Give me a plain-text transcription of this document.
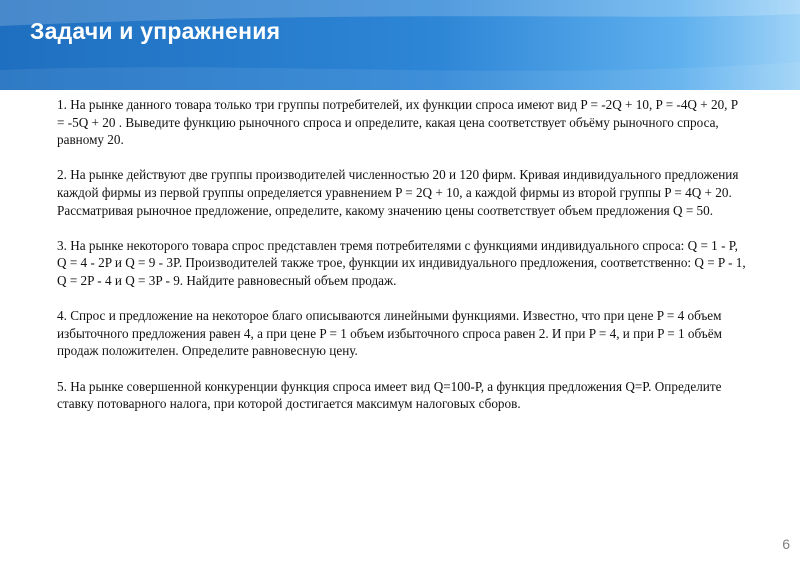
Задачи и упражнения

1. На рынке данного товара только три группы потребителей, их функции спроса имеют вид P = -2Q + 10, P = -4Q + 20, P = -5Q + 20 . Выведите функцию рыночного спроса и определите, какая цена соответствует объёму рыночного спроса, равному 20.

2. На рынке действуют две группы производителей численностью 20 и 120 фирм. Кривая индивидуального предложения каждой фирмы из первой группы определяется уравнением P = 2Q + 10, а каждой фирмы из второй группы P = 4Q + 20. Рассматривая рыночное предложение, определите, какому значению цены соответствует объем предложения Q = 50.

3. На рынке некоторого товара спрос представлен тремя потребителями с функциями индивидуального спроса: Q = 1 - P, Q = 4 - 2P и Q = 9 - 3P. Производителей также трое, функции их индивидуального предложения, соответственно: Q = P - 1, Q = 2P - 4 и Q = 3P - 9. Найдите равновесный объем продаж.

4. Спрос и предложение на некоторое благо описываются линейными функциями. Известно, что при цене P = 4 объем избыточного предложения равен 4, а при цене P = 1 объем избыточного спроса равен 2. И при P = 4, и при P = 1 объём продаж положителен. Определите равновесную цену.

5. На рынке совершенной конкуренции функция спроса имеет вид Q=100-P, а функция предложения Q=P. Определите ставку потоварного налога, при которой достигается максимум налоговых сборов.

6
